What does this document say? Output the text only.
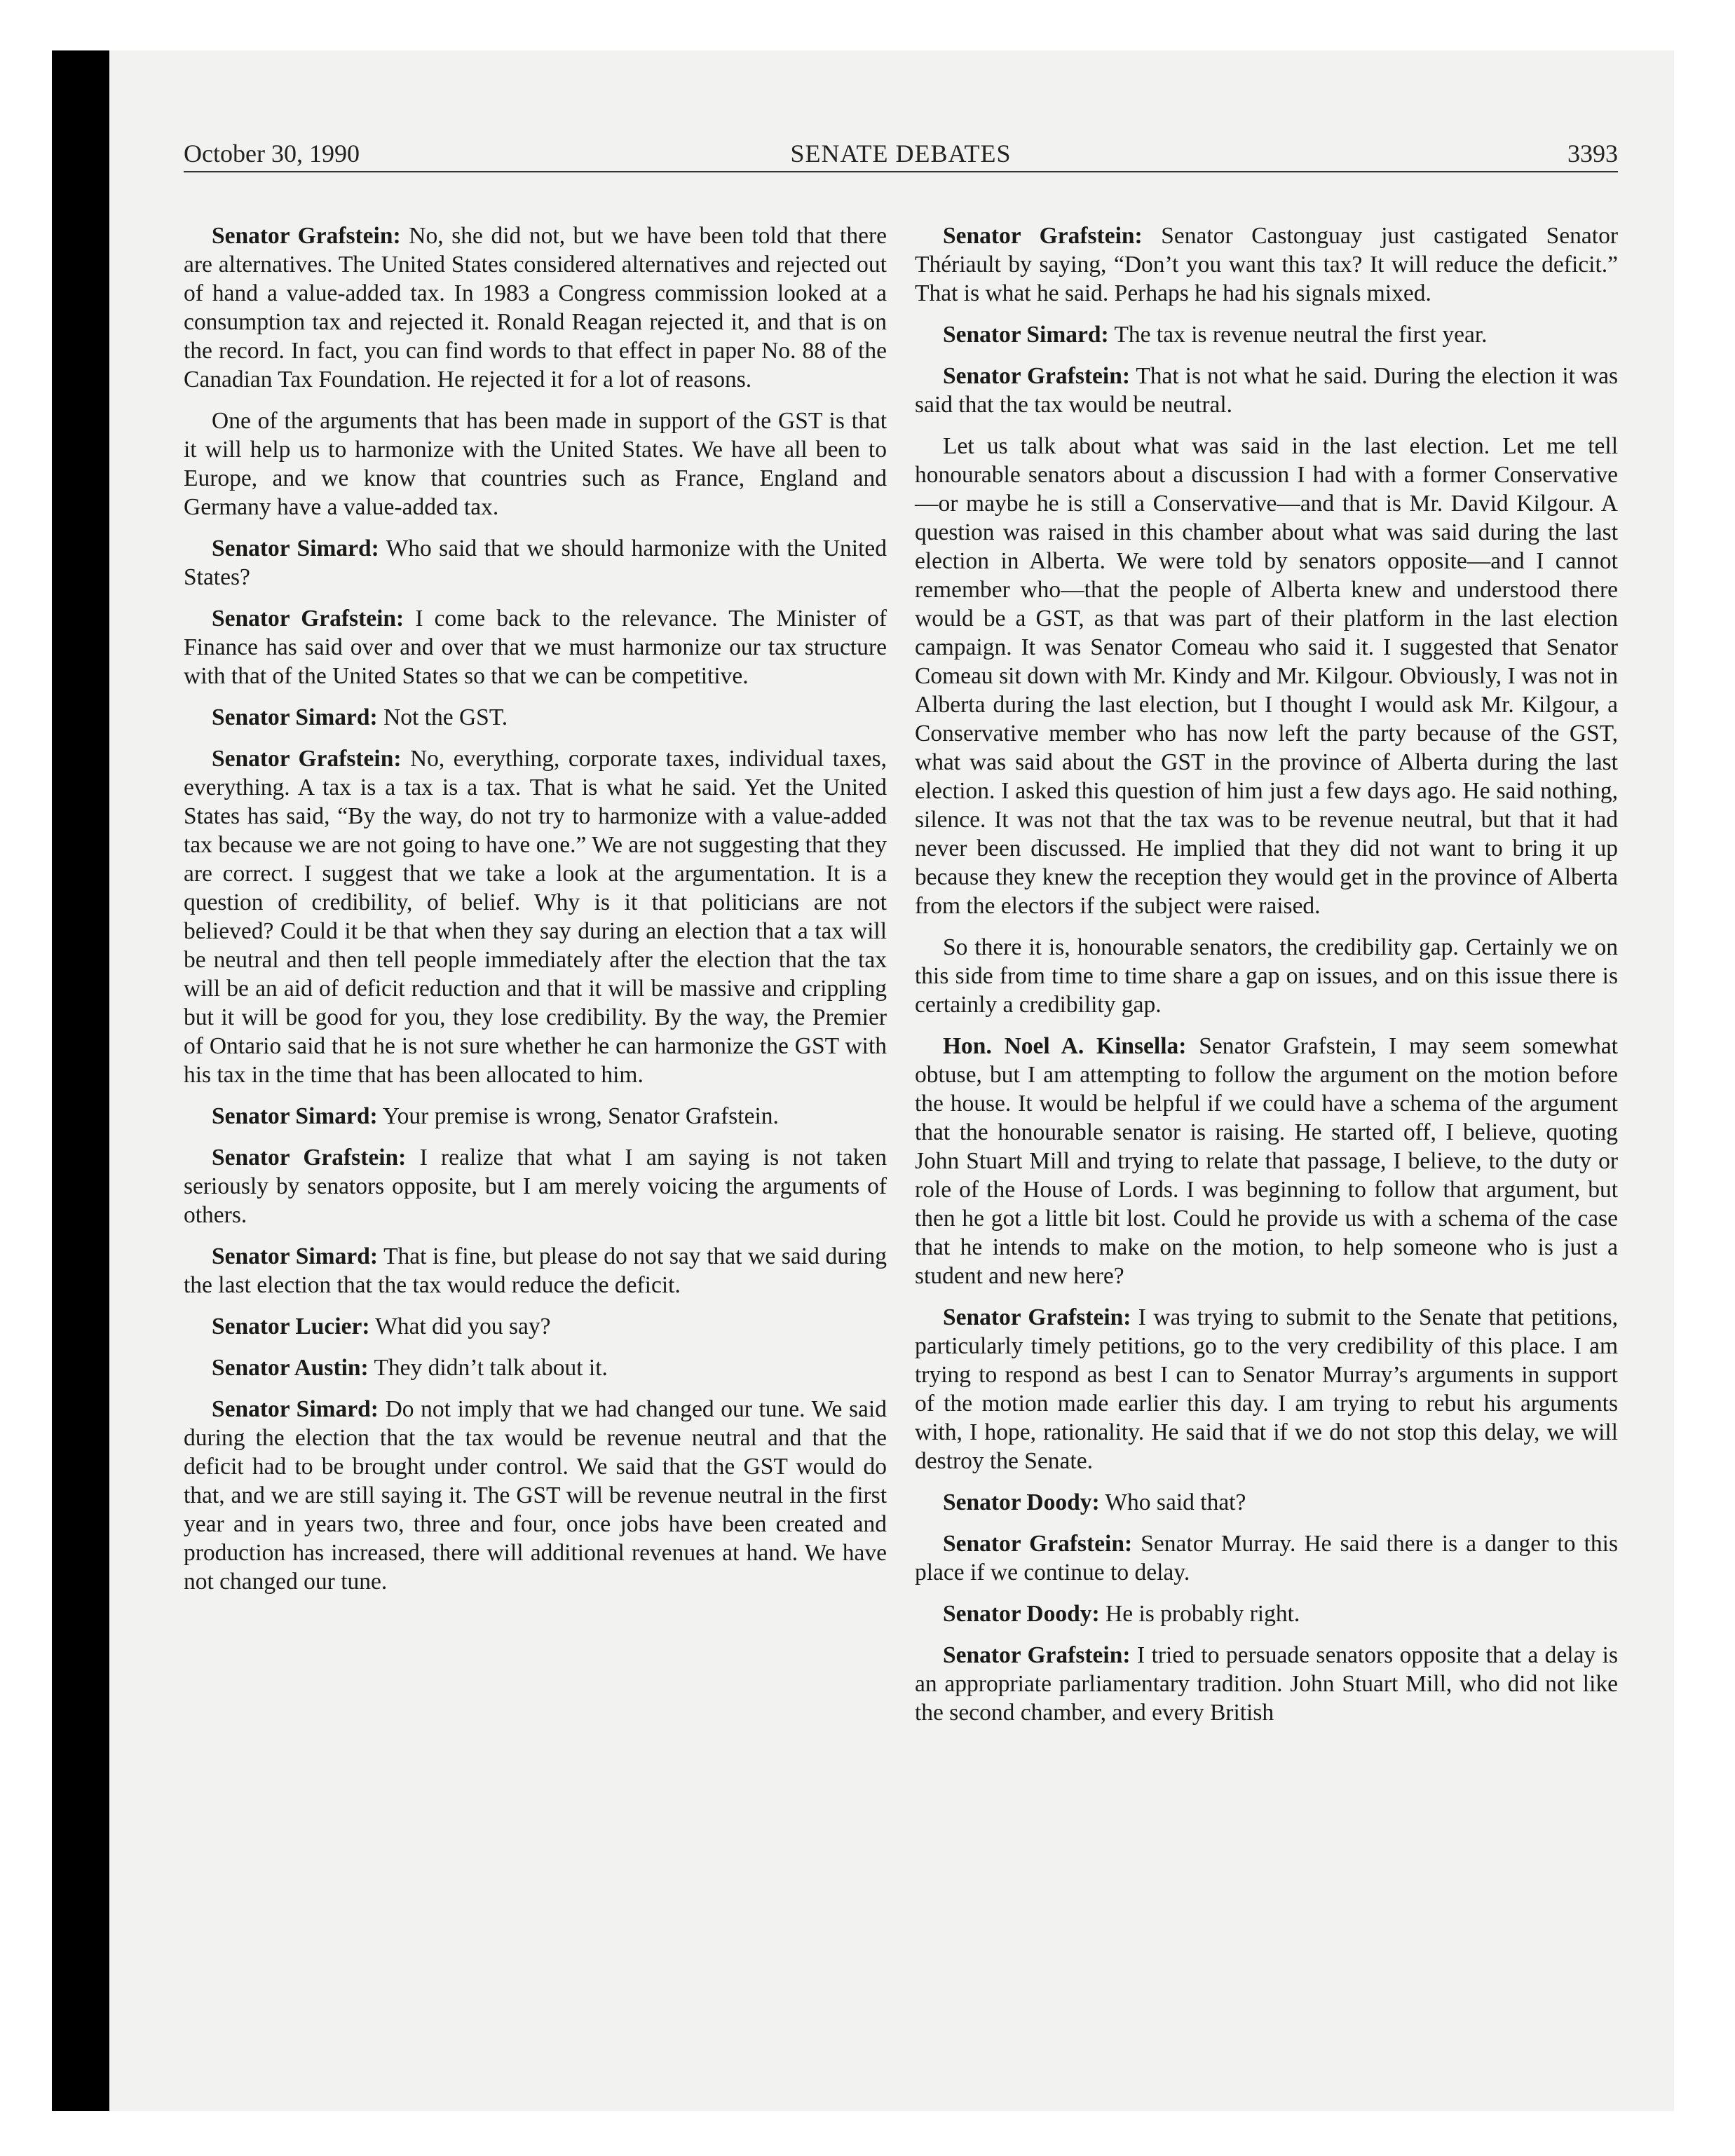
October 30, 1990	SENATE DEBATES	3393

Senator Grafstein: No, she did not, but we have been told that there are alternatives. The United States considered alternatives and rejected out of hand a value-added tax. In 1983 a Congress commission looked at a consumption tax and rejected it. Ronald Reagan rejected it, and that is on the record. In fact, you can find words to that effect in paper No. 88 of the Canadian Tax Foundation. He rejected it for a lot of reasons.

One of the arguments that has been made in support of the GST is that it will help us to harmonize with the United States. We have all been to Europe, and we know that countries such as France, England and Germany have a value-added tax.

Senator Simard: Who said that we should harmonize with the United States?

Senator Grafstein: I come back to the relevance. The Minister of Finance has said over and over that we must harmonize our tax structure with that of the United States so that we can be competitive.

Senator Simard: Not the GST.

Senator Grafstein: No, everything, corporate taxes, individual taxes, everything. A tax is a tax is a tax. That is what he said. Yet the United States has said, “By the way, do not try to harmonize with a value-added tax because we are not going to have one.” We are not suggesting that they are correct. I suggest that we take a look at the argumentation. It is a question of credibility, of belief. Why is it that politicians are not believed? Could it be that when they say during an election that a tax will be neutral and then tell people immediately after the election that the tax will be an aid of deficit reduction and that it will be massive and crippling but it will be good for you, they lose credibility. By the way, the Premier of Ontario said that he is not sure whether he can harmonize the GST with his tax in the time that has been allocated to him.

Senator Simard: Your premise is wrong, Senator Grafstein.

Senator Grafstein: I realize that what I am saying is not taken seriously by senators opposite, but I am merely voicing the arguments of others.

Senator Simard: That is fine, but please do not say that we said during the last election that the tax would reduce the deficit.

Senator Lucier: What did you say?

Senator Austin: They didn’t talk about it.

Senator Simard: Do not imply that we had changed our tune. We said during the election that the tax would be revenue neutral and that the deficit had to be brought under control. We said that the GST would do that, and we are still saying it. The GST will be revenue neutral in the first year and in years two, three and four, once jobs have been created and production has increased, there will additional revenues at hand. We have not changed our tune.

Senator Grafstein: Senator Castonguay just castigated Senator Thériault by saying, “Don’t you want this tax? It will reduce the deficit.” That is what he said. Perhaps he had his signals mixed.

Senator Simard: The tax is revenue neutral the first year.

Senator Grafstein: That is not what he said. During the election it was said that the tax would be neutral.

Let us talk about what was said in the last election. Let me tell honourable senators about a discussion I had with a former Conservative—or maybe he is still a Conservative—and that is Mr. David Kilgour. A question was raised in this chamber about what was said during the last election in Alberta. We were told by senators opposite—and I cannot remember who—that the people of Alberta knew and understood there would be a GST, as that was part of their platform in the last election campaign. It was Senator Comeau who said it. I suggested that Senator Comeau sit down with Mr. Kindy and Mr. Kilgour. Obviously, I was not in Alberta during the last election, but I thought I would ask Mr. Kilgour, a Conservative member who has now left the party because of the GST, what was said about the GST in the province of Alberta during the last election. I asked this question of him just a few days ago. He said nothing, silence. It was not that the tax was to be revenue neutral, but that it had never been discussed. He implied that they did not want to bring it up because they knew the reception they would get in the province of Alberta from the electors if the subject were raised.

So there it is, honourable senators, the credibility gap. Certainly we on this side from time to time share a gap on issues, and on this issue there is certainly a credibility gap.

Hon. Noel A. Kinsella: Senator Grafstein, I may seem somewhat obtuse, but I am attempting to follow the argument on the motion before the house. It would be helpful if we could have a schema of the argument that the honourable senator is raising. He started off, I believe, quoting John Stuart Mill and trying to relate that passage, I believe, to the duty or role of the House of Lords. I was beginning to follow that argument, but then he got a little bit lost. Could he provide us with a schema of the case that he intends to make on the motion, to help someone who is just a student and new here?

Senator Grafstein: I was trying to submit to the Senate that petitions, particularly timely petitions, go to the very credibility of this place. I am trying to respond as best I can to Senator Murray’s arguments in support of the motion made earlier this day. I am trying to rebut his arguments with, I hope, rationality. He said that if we do not stop this delay, we will destroy the Senate.

Senator Doody: Who said that?

Senator Grafstein: Senator Murray. He said there is a danger to this place if we continue to delay.

Senator Doody: He is probably right.

Senator Grafstein: I tried to persuade senators opposite that a delay is an appropriate parliamentary tradition. John Stuart Mill, who did not like the second chamber, and every British
